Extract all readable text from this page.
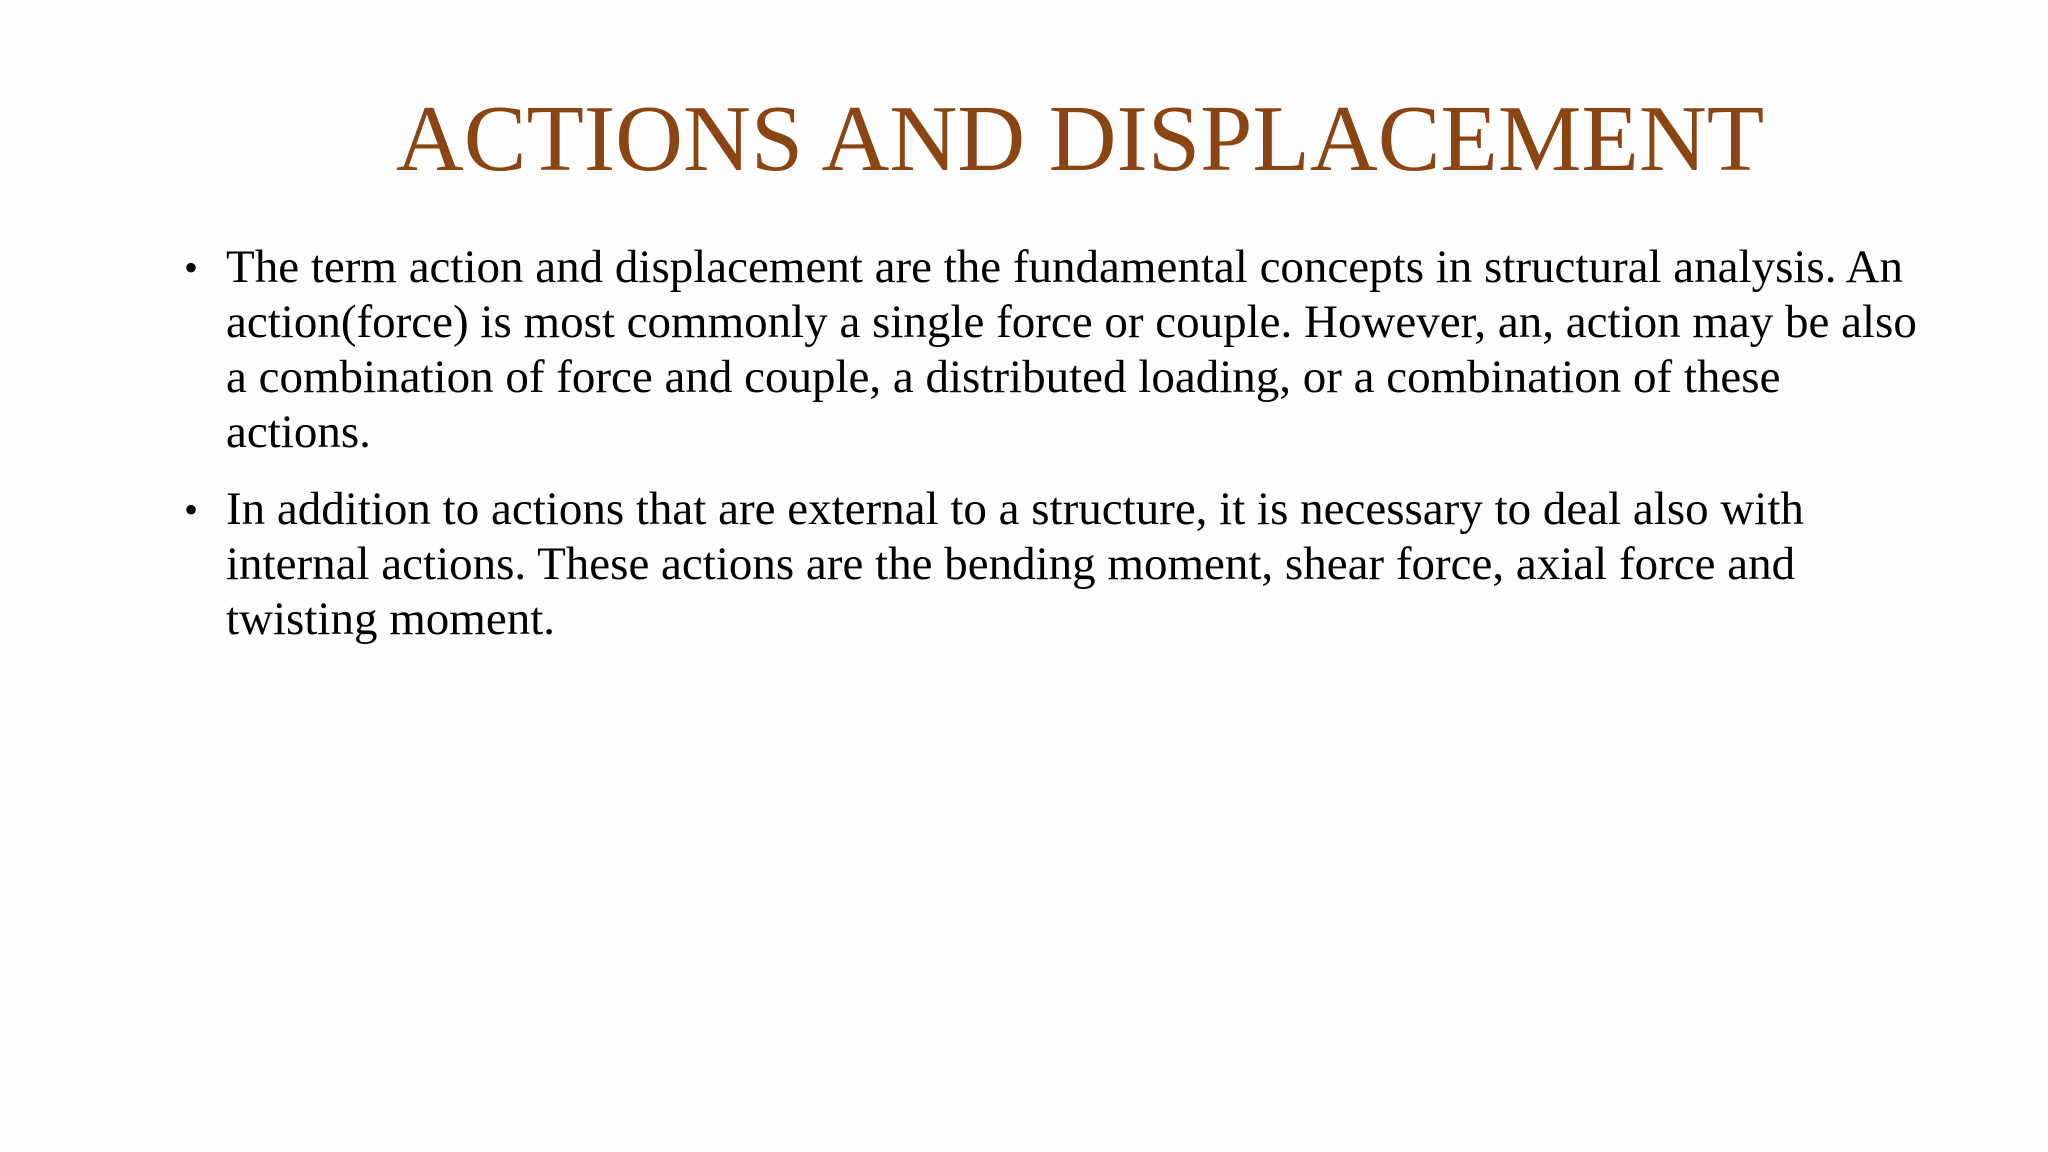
ACTIONS AND DISPLACEMENT
• The term action and displacement are the fundamental concepts in structural analysis. An action(force) is most commonly a single force or couple. However, an, action may be also a combination of force and couple, a distributed loading, or a combination of these actions.
• In addition to actions that are external to a structure, it is necessary to deal also with internal actions. These actions are the bending moment, shear force, axial force and twisting moment.
